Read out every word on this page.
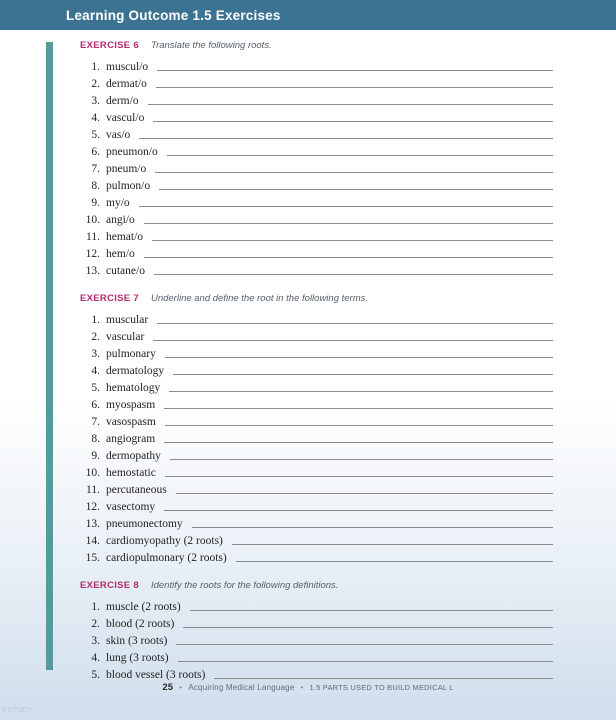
Learning Outcome 1.5 Exercises
EXERCISE 6 Translate the following roots.
1. muscul/o
2. dermat/o
3. derm/o
4. vascul/o
5. vas/o
6. pneumon/o
7. pneum/o
8. pulmon/o
9. my/o
10. angi/o
11. hemat/o
12. hem/o
13. cutane/o
EXERCISE 7 Underline and define the root in the following terms.
1. muscular
2. vascular
3. pulmonary
4. dermatology
5. hematology
6. myospasm
7. vasospasm
8. angiogram
9. dermopathy
10. hemostatic
11. percutaneous
12. vasectomy
13. pneumonectomy
14. cardiomyopathy (2 roots)
15. cardiopulmonary (2 roots)
EXERCISE 8 Identify the roots for the following definitions.
1. muscle (2 roots)
2. blood (2 roots)
3. skin (3 roots)
4. lung (3 roots)
5. blood vessel (3 roots)
25 • Acquiring Medical Language • 1.5 PARTS USED TO BUILD MEDICAL L
ESTUDY
